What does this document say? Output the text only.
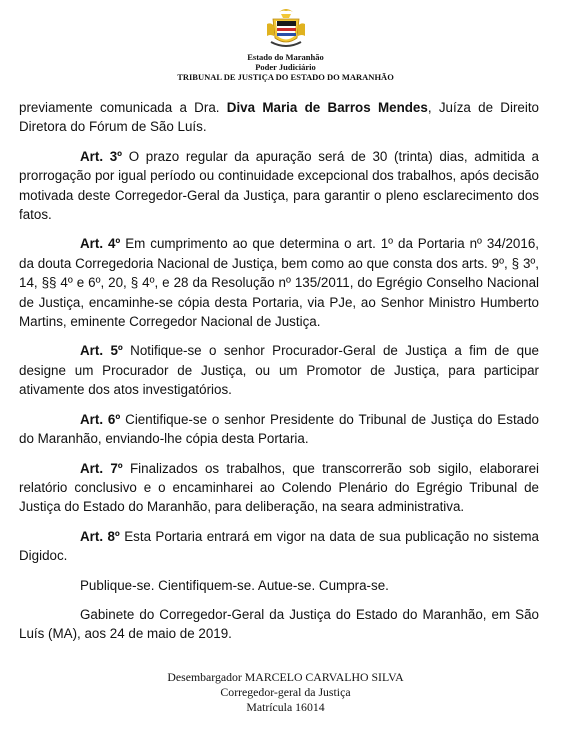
Estado do Maranhão
Poder Judiciário
TRIBUNAL DE JUSTIÇA DO ESTADO DO MARANHÃO

previamente comunicada a Dra. Diva Maria de Barros Mendes, Juíza de Direito Diretora do Fórum de São Luís.

Art. 3º O prazo regular da apuração será de 30 (trinta) dias, admitida a prorrogação por igual período ou continuidade excepcional dos trabalhos, após decisão motivada deste Corregedor-Geral da Justiça, para garantir o pleno esclarecimento dos fatos.

Art. 4º Em cumprimento ao que determina o art. 1º da Portaria nº 34/2016, da douta Corregedoria Nacional de Justiça, bem como ao que consta dos arts. 9º, § 3º, 14, §§ 4º e 6º, 20, § 4º, e 28 da Resolução nº 135/2011, do Egrégio Conselho Nacional de Justiça, encaminhe-se cópia desta Portaria, via PJe, ao Senhor Ministro Humberto Martins, eminente Corregedor Nacional de Justiça.

Art. 5º Notifique-se o senhor Procurador-Geral de Justiça a fim de que designe um Procurador de Justiça, ou um Promotor de Justiça, para participar ativamente dos atos investigatórios.

Art. 6º Cientifique-se o senhor Presidente do Tribunal de Justiça do Estado do Maranhão, enviando-lhe cópia desta Portaria.

Art. 7º Finalizados os trabalhos, que transcorrerão sob sigilo, elaborarei relatório conclusivo e o encaminharei ao Colendo Plenário do Egrégio Tribunal de Justiça do Estado do Maranhão, para deliberação, na seara administrativa.

Art. 8º Esta Portaria entrará em vigor na data de sua publicação no sistema Digidoc.

Publique-se. Cientifiquem-se. Autue-se. Cumpra-se.

Gabinete do Corregedor-Geral da Justiça do Estado do Maranhão, em São Luís (MA), aos 24 de maio de 2019.

Desembargador MARCELO CARVALHO SILVA
Corregedor-geral da Justiça
Matrícula 16014
